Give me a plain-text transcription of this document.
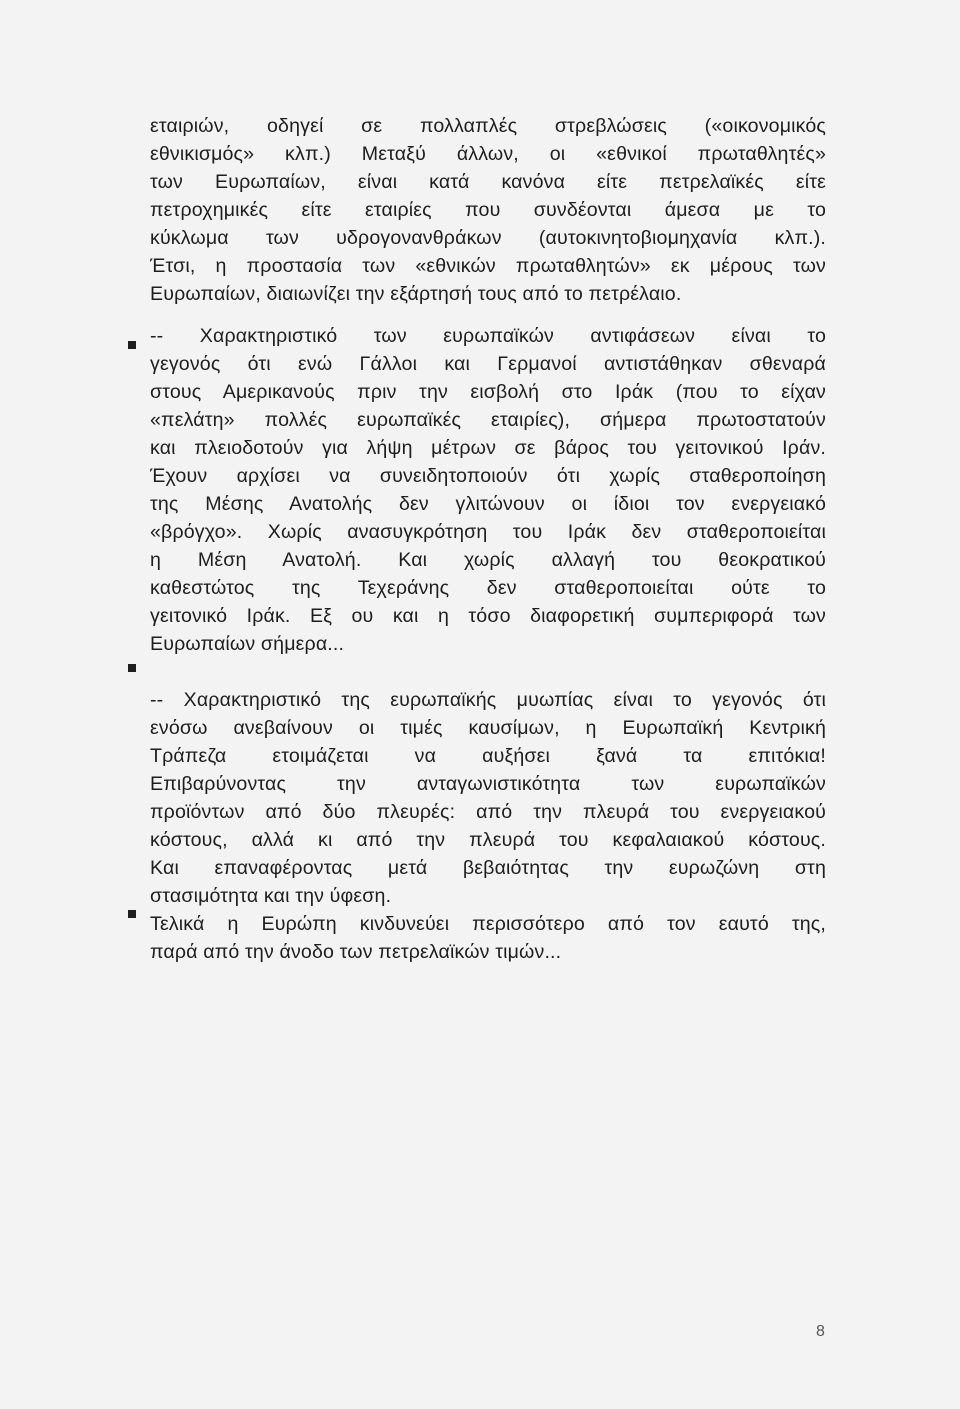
εταιριών, οδηγεί σε πολλαπλές στρεβλώσεις («οικονομικός
εθνικισμός» κλπ.) Μεταξύ άλλων, οι «εθνικοί πρωταθλητές»
των Ευρωπαίων, είναι κατά κανόνα είτε πετρελαϊκές είτε
πετροχημικές είτε εταιρίες που συνδέονται άμεσα με το
κύκλωμα των υδρογονανθράκων (αυτοκινητοβιομηχανία κλπ.).
Έτσι, η προστασία των «εθνικών πρωταθλητών» εκ μέρους των
Ευρωπαίων, διαιωνίζει την εξάρτησή τους από το πετρέλαιο.

-- Χαρακτηριστικό των ευρωπαϊκών αντιφάσεων είναι το
γεγονός ότι ενώ Γάλλοι και Γερμανοί αντιστάθηκαν σθεναρά
στους Αμερικανούς πριν την εισβολή στο Ιράκ (που το είχαν
«πελάτη» πολλές ευρωπαϊκές εταιρίες), σήμερα πρωτοστατούν
και πλειοδοτούν για λήψη μέτρων σε βάρος του γειτονικού Ιράν.
Έχουν αρχίσει να συνειδητοποιούν ότι χωρίς σταθεροποίηση
της Μέσης Ανατολής δεν γλιτώνουν οι ίδιοι τον ενεργειακό
«βρόγχο». Χωρίς ανασυγκρότηση του Ιράκ δεν σταθεροποιείται
η Μέση Ανατολή. Και χωρίς αλλαγή του θεοκρατικού
καθεστώτος της Τεχεράνης δεν σταθεροποιείται ούτε το
γειτονικό Ιράκ. Εξ ου και η τόσο διαφορετική συμπεριφορά των
Ευρωπαίων σήμερα...

-- Χαρακτηριστικό της ευρωπαϊκής μυωπίας είναι το γεγονός ότι
ενόσω ανεβαίνουν οι τιμές καυσίμων, η Ευρωπαϊκή Κεντρική
Τράπεζα ετοιμάζεται να αυξήσει ξανά τα επιτόκια!
Επιβαρύνοντας την ανταγωνιστικότητα των ευρωπαϊκών
προϊόντων από δύο πλευρές: από την πλευρά του ενεργειακού
κόστους, αλλά κι από την πλευρά του κεφαλαιακού κόστους.
Και επαναφέροντας μετά βεβαιότητας την ευρωζώνη στη
στασιμότητα και την ύφεση.

Τελικά η Ευρώπη κινδυνεύει περισσότερο από τον εαυτό της,
παρά από την άνοδο των πετρελαϊκών τιμών...

8
